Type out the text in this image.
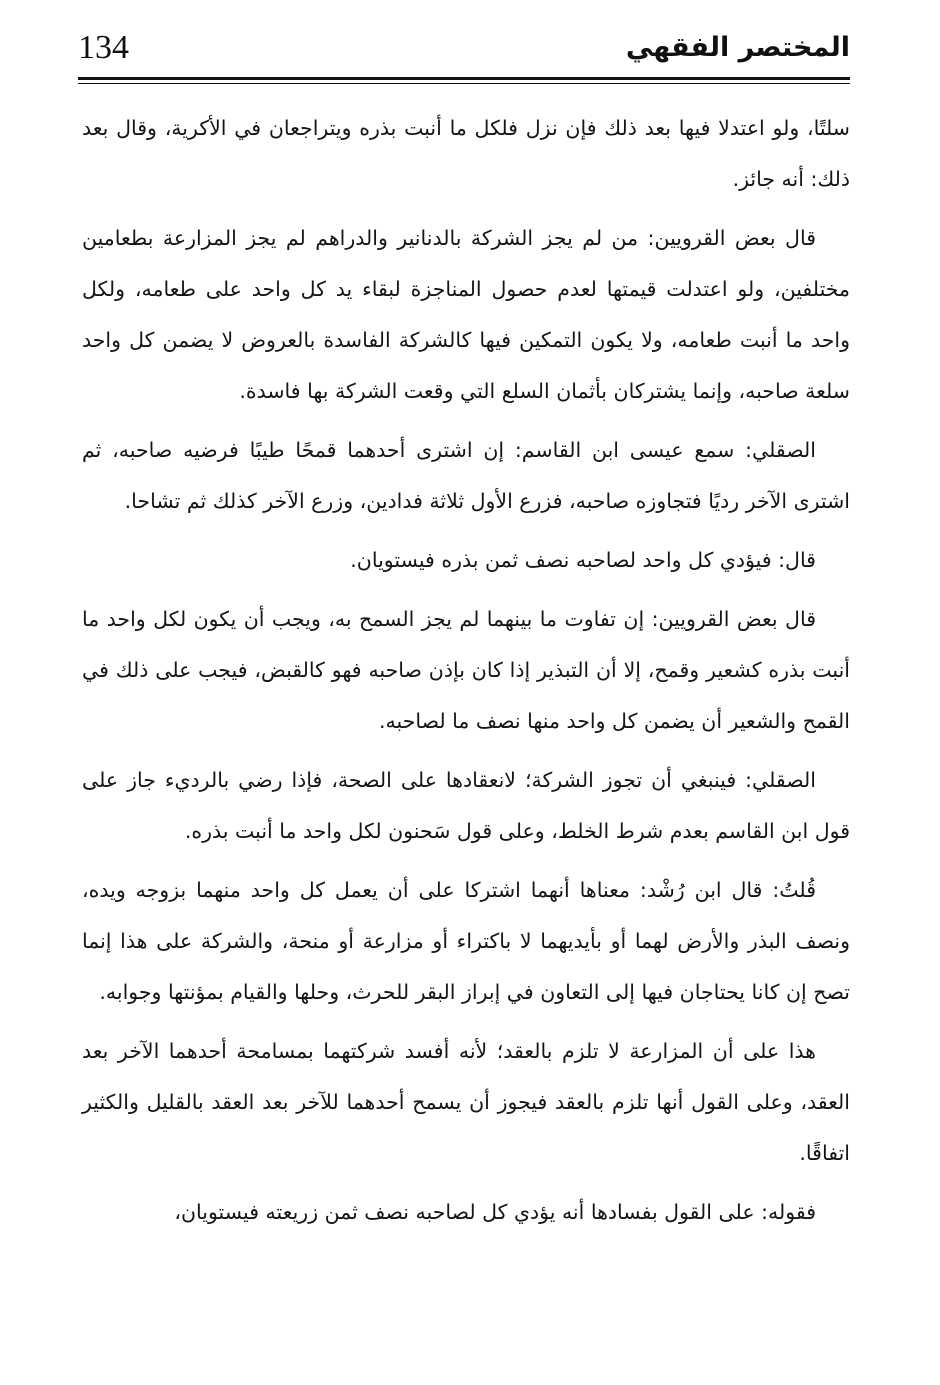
134	المختصر الفقهي

سلتًا، ولو اعتدلا فيها بعد ذلك فإن نزل فلكل ما أنبت بذره ويتراجعان في الأكرية، وقال بعد ذلك: أنه جائز.

قال بعض القرويين: من لم يجز الشركة بالدنانير والدراهم لم يجز المزارعة بطعامين مختلفين، ولو اعتدلت قيمتها لعدم حصول المناجزة لبقاء يد كل واحد على طعامه، ولكل واحد ما أنبت طعامه، ولا يكون التمكين فيها كالشركة الفاسدة بالعروض لا يضمن كل واحد سلعة صاحبه، وإنما يشتركان بأثمان السلع التي وقعت الشركة بها فاسدة.

الصقلي: سمع عيسى ابن القاسم: إن اشترى أحدهما قمحًا طيبًا فرضيه صاحبه، ثم اشترى الآخر رديًا فتجاوزه صاحبه، فزرع الأول ثلاثة فدادين، وزرع الآخر كذلك ثم تشاحا.

قال: فيؤدي كل واحد لصاحبه نصف ثمن بذره فيستويان.

قال بعض القرويين: إن تفاوت ما بينهما لم يجز السمح به، ويجب أن يكون لكل واحد ما أنبت بذره كشعير وقمح، إلا أن التبذير إذا كان بإذن صاحبه فهو كالقبض، فيجب على ذلك في القمح والشعير أن يضمن كل واحد منها نصف ما لصاحبه.

الصقلي: فينبغي أن تجوز الشركة؛ لانعقادها على الصحة، فإذا رضي بالرديء جاز على قول ابن القاسم بعدم شرط الخلط، وعلى قول سَحنون لكل واحد ما أنبت بذره.

قُلتُ: قال ابن رُشْد: معناها أنهما اشتركا على أن يعمل كل واحد منهما بزوجه ويده، ونصف البذر والأرض لهما أو بأيديهما لا باكتراء أو مزارعة أو منحة، والشركة على هذا إنما تصح إن كانا يحتاجان فيها إلى التعاون في إبراز البقر للحرث، وحلها والقيام بمؤنتها وجوابه.

هذا على أن المزارعة لا تلزم بالعقد؛ لأنه أفسد شركتهما بمسامحة أحدهما الآخر بعد العقد، وعلى القول أنها تلزم بالعقد فيجوز أن يسمح أحدهما للآخر بعد العقد بالقليل والكثير اتفاقًا.

فقوله: على القول بفسادها أنه يؤدي كل لصاحبه نصف ثمن زريعته فيستويان،
